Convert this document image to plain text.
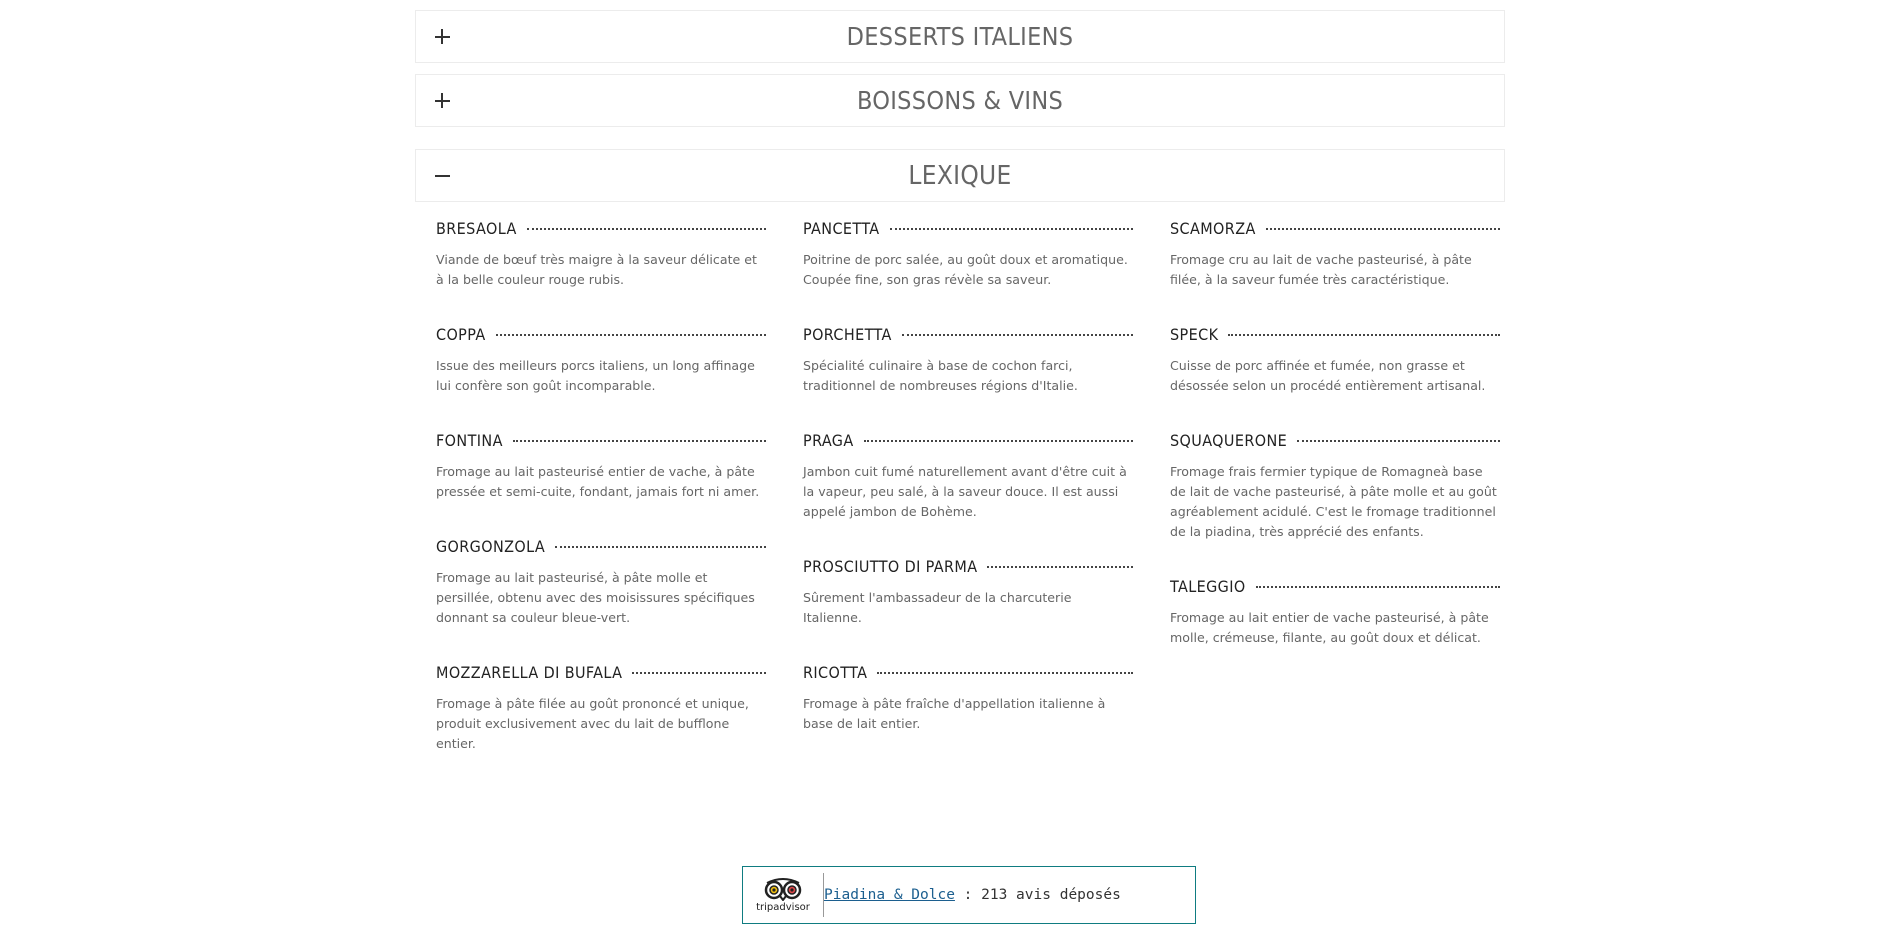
DESSERTS ITALIENS
BOISSONS & VINS
LEXIQUE
BRESAOLA
Viande de bœuf très maigre à la saveur délicate et à la belle couleur rouge rubis.
COPPA
Issue des meilleurs porcs italiens, un long affinage lui confère son goût incomparable.
FONTINA
Fromage au lait pasteurisé entier de vache, à pâte pressée et semi-cuite, fondant, jamais fort ni amer.
GORGONZOLA
Fromage au lait pasteurisé, à pâte molle et persillée, obtenu avec des moisissures spécifiques donnant sa couleur bleue-vert.
MOZZARELLA DI BUFALA
Fromage à pâte filée au goût prononcé et unique, produit exclusivement avec du lait de bufflone entier.
PANCETTA
Poitrine de porc salée, au goût doux et aromatique. Coupée fine, son gras révèle sa saveur.
PORCHETTA
Spécialité culinaire à base de cochon farci, traditionnel de nombreuses régions d'Italie.
PRAGA
Jambon cuit fumé naturellement avant d'être cuit à la vapeur, peu salé, à la saveur douce. Il est aussi appelé jambon de Bohème.
PROSCIUTTO DI PARMA
Sûrement l'ambassadeur de la charcuterie Italienne.
RICOTTA
Fromage à pâte fraîche d'appellation italienne à base de lait entier.
SCAMORZA
Fromage cru au lait de vache pasteurisé, à pâte filée, à la saveur fumée très caractéristique.
SPECK
Cuisse de porc affinée et fumée, non grasse et désossée selon un procédé entièrement artisanal.
SQUAQUERONE
Fromage frais fermier typique de Romagneà base de lait de vache pasteurisé, à pâte molle et au goût agréablement acidulé. C'est le fromage traditionnel de la piadina, très apprécié des enfants.
TALEGGIO
Fromage au lait entier de vache pasteurisé, à pâte molle, crémeuse, filante, au goût doux et délicat.
tripadvisor
Piadina & Dolce : 213 avis déposés
